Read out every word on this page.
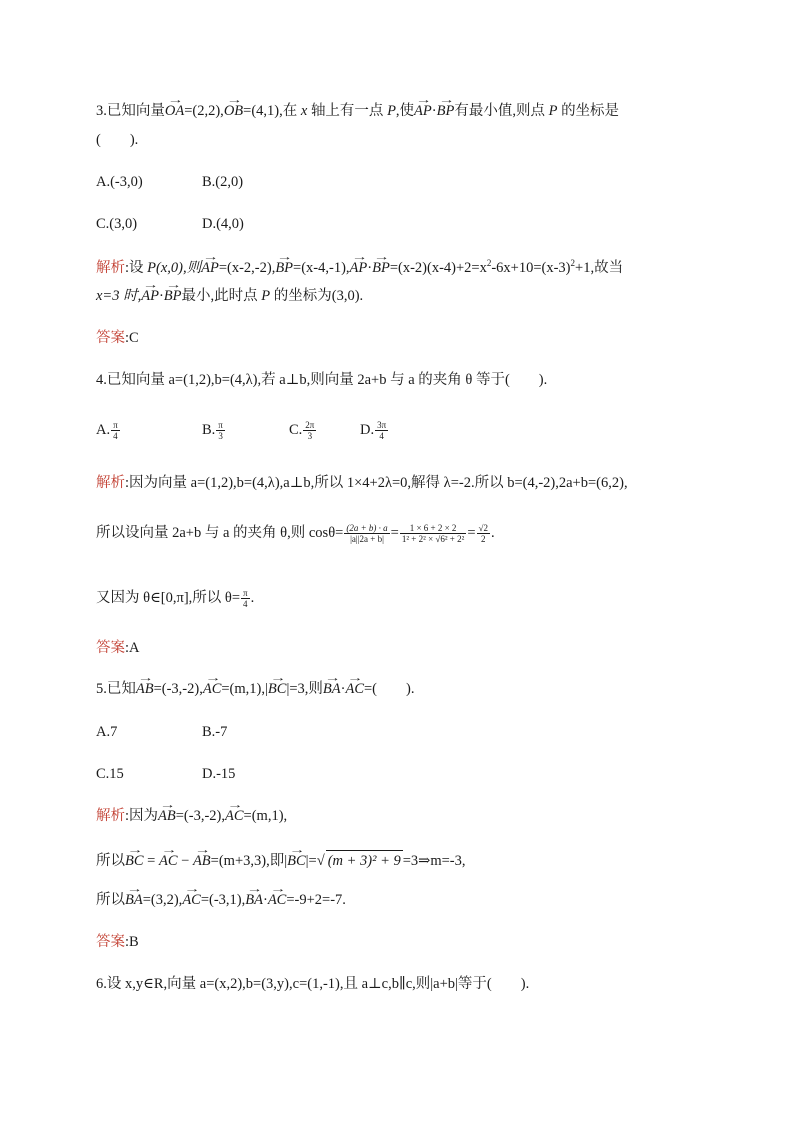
3.已知向量→ OA=(2,2),→ OB=(4,1),在 x 轴上有一点 P,使→ AP·→ BP有最小值,则点 P 的坐标是
(　　).
A.(-3,0)	B.(2,0)
C.(3,0)	D.(4,0)
解析:设 P(x,0),则→ $AP=(x-2,-2),\to BP=(x-4,-1),\to AP\cdot\to BP=(x-2)(x-4)+2=x^2-6x+10=(x-3)^2+1$,故当
x=3 时,→ AP·→ BP最小,此时点 P 的坐标为(3,0).
答案:C
4.已知向量 a=(1,2),b=(4,λ),若 a⊥b,则向量 2a+b 与 a 的夹角 θ 等于(　　).
A. $\frac{\pi}{4}$	B. $\frac{\pi}{3}$	C. $\frac{2\pi}{3}$	D. $\frac{3\pi}{4}$
解析:因为向量 a=(1,2),b=(4,λ),a⊥b,所以 1×4+2λ=0,解得 λ=-2.所以 b=(4,-2),2a+b=(6,2),
所以设向量 2a+b 与 a 的夹角 θ,则 $\cos\theta= \frac{(2a + b) \cdot a}{|a||2a + b|} = \frac{1 \times 6 + 2 \times 2}{\text{1² + 2² × √6² + 2²}} = \frac{√2}{2}$ .
又因为 θ∈[0,π],所以 $\theta= \frac{\pi}{4}$ .
答案:A
5.已知→ AB=(-3,-2),→ AC=(m,1),|→ BC|=3,则→ BA·→ AC=(　　).
A.7	B.-7
C.15	D.-15
解析:因为→ AB=(-3,-2),→ AC=(m,1),
所以→ BC = → AC − → AB=(m+3,3),即|→ BC|=√ (m + 3)² + 9 =3⇒m=-3,
所以→ BA=(3,2),→ AC=(-3,1),→ BA·→ AC=-9+2=-7.
答案:B
6.设 x,y∈R,向量 a=(x,2),b=(3,y),c=(1,-1),且 a⊥c,b∥c,则|a+b|等于(　　).
